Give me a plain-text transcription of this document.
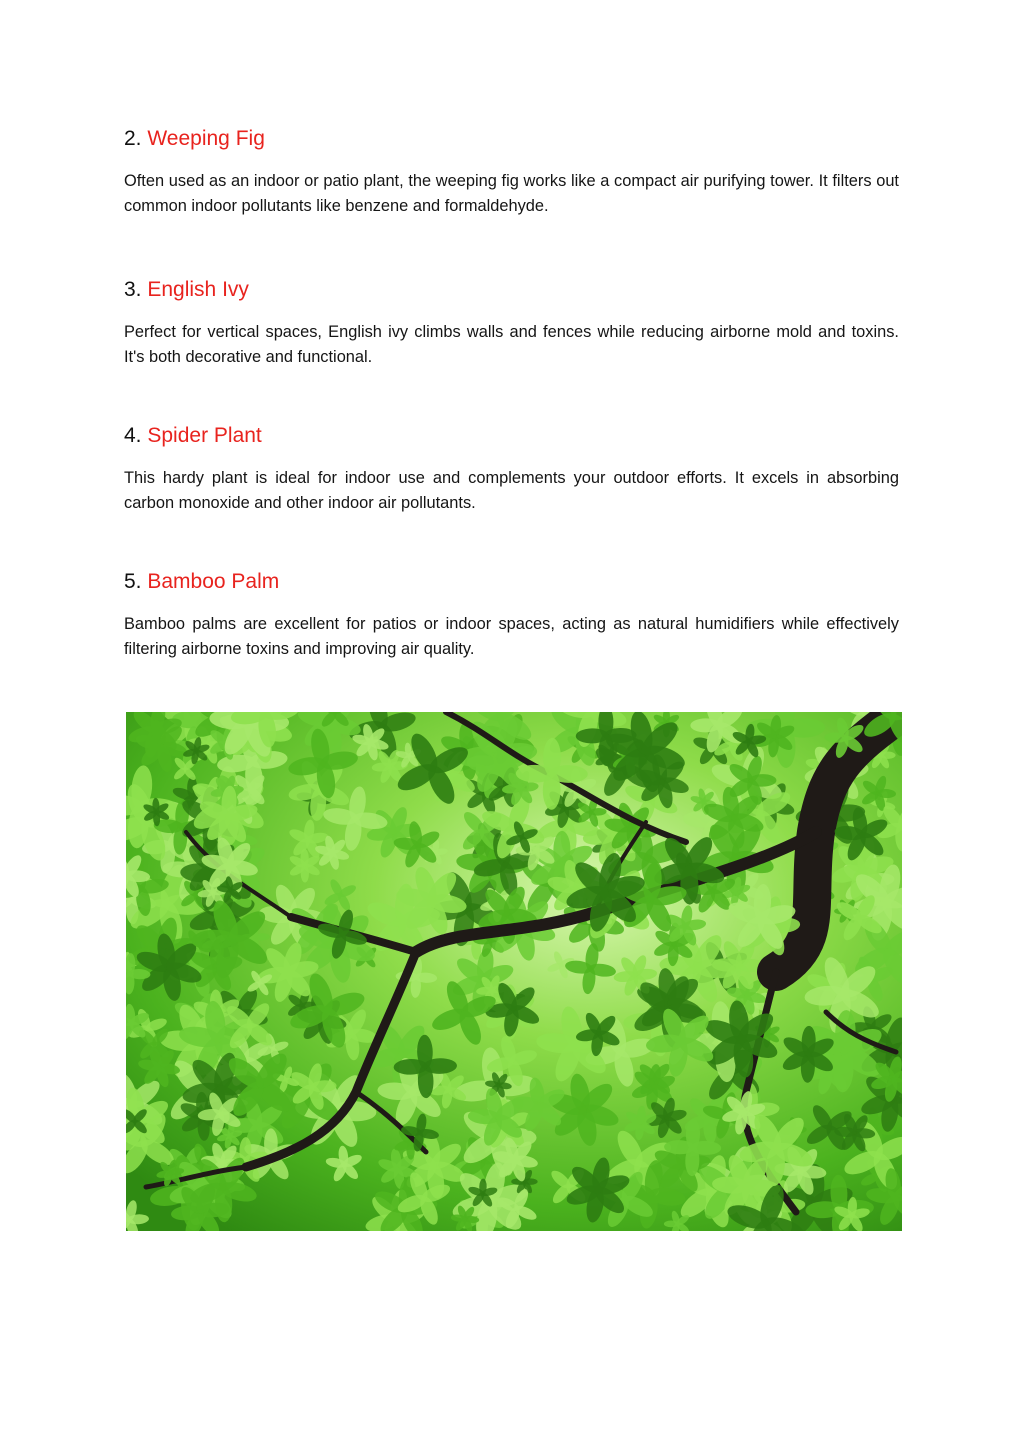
2. Weeping Fig

Often used as an indoor or patio plant, the weeping fig works like a compact air purifying tower. It filters out common indoor pollutants like benzene and formaldehyde.

3. English Ivy

Perfect for vertical spaces, English ivy climbs walls and fences while reducing airborne mold and toxins. It's both decorative and functional.

4. Spider Plant

This hardy plant is ideal for indoor use and complements your outdoor efforts. It excels in absorbing carbon monoxide and other indoor air pollutants.

5. Bamboo Palm

Bamboo palms are excellent for patios or indoor spaces, acting as natural humidifiers while effectively filtering airborne toxins and improving air quality.
